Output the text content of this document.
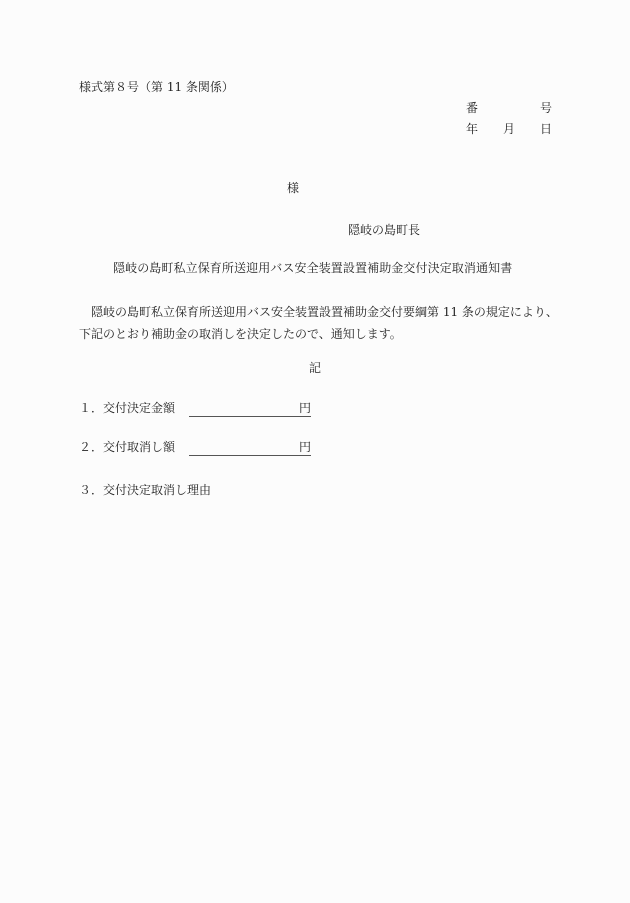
様式第８号（第 11 条関係）
番	号
年 月 日
様
隠岐の島町長
隠岐の島町私立保育所送迎用バス安全装置設置補助金交付決定取消通知書
隠岐の島町私立保育所送迎用バス安全装置設置補助金交付要綱第 11 条の規定により、
下記のとおり補助金の取消しを決定したので、通知します。
記
１．交付決定金額	円
２．交付取消し額	円
３．交付決定取消し理由
